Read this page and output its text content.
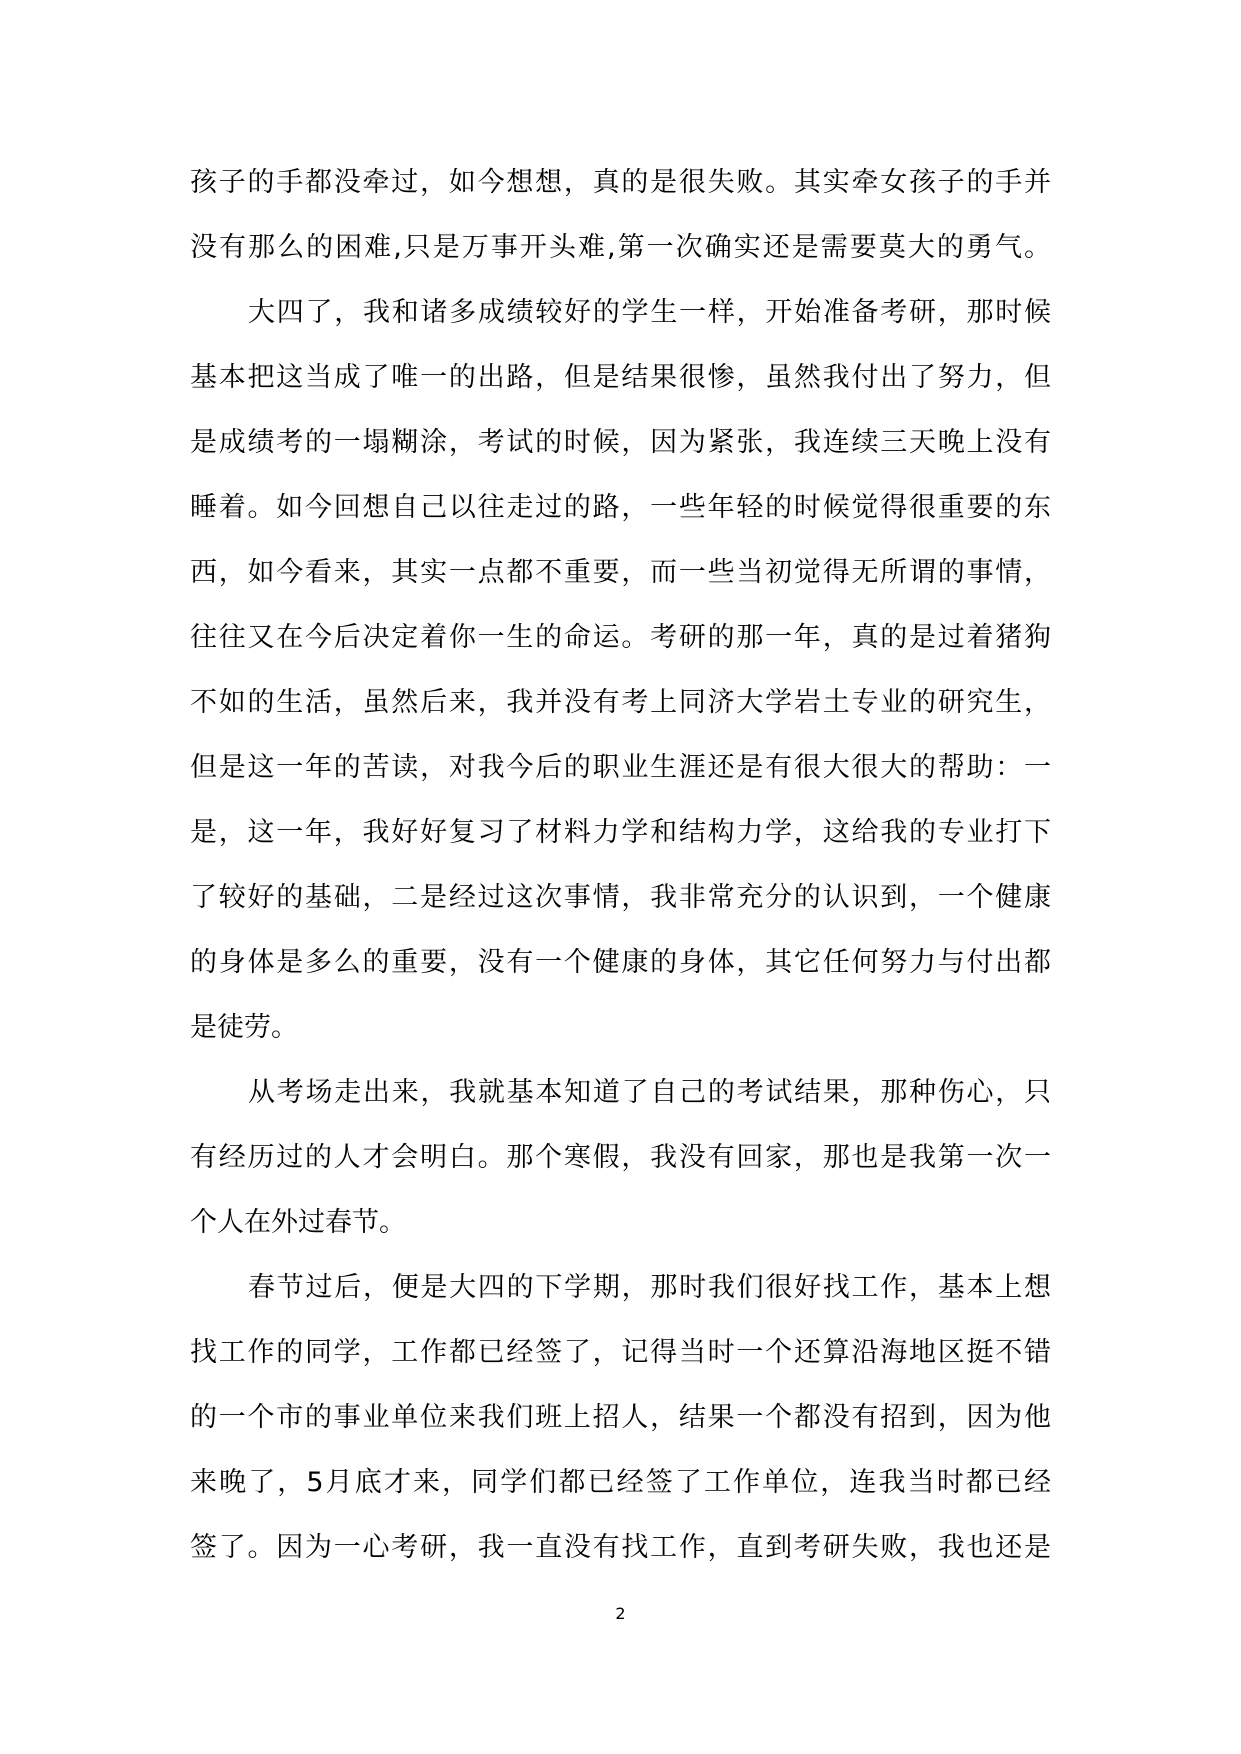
孩子的手都没牵过，如今想想，真的是很失败。其实牵女孩子的手并
没有那么的困难,只是万事开头难,第一次确实还是需要莫大的勇气。
大四了，我和诸多成绩较好的学生一样，开始准备考研，那时候
基本把这当成了唯一的出路，但是结果很惨，虽然我付出了努力，但
是成绩考的一塌糊涂，考试的时候，因为紧张，我连续三天晚上没有
睡着。如今回想自己以往走过的路，一些年轻的时候觉得很重要的东
西，如今看来，其实一点都不重要，而一些当初觉得无所谓的事情，
往往又在今后决定着你一生的命运。考研的那一年，真的是过着猪狗
不如的生活，虽然后来，我并没有考上同济大学岩土专业的研究生，
但是这一年的苦读，对我今后的职业生涯还是有很大很大的帮助：一
是，这一年，我好好复习了材料力学和结构力学，这给我的专业打下
了较好的基础，二是经过这次事情，我非常充分的认识到，一个健康
的身体是多么的重要，没有一个健康的身体，其它任何努力与付出都
是徒劳。
从考场走出来，我就基本知道了自己的考试结果，那种伤心，只
有经历过的人才会明白。那个寒假，我没有回家，那也是我第一次一
个人在外过春节。
春节过后，便是大四的下学期，那时我们很好找工作，基本上想
找工作的同学，工作都已经签了，记得当时一个还算沿海地区挺不错
的一个市的事业单位来我们班上招人，结果一个都没有招到，因为他
来晚了，5月底才来，同学们都已经签了工作单位，连我当时都已经
签了。因为一心考研，我一直没有找工作，直到考研失败，我也还是
2
